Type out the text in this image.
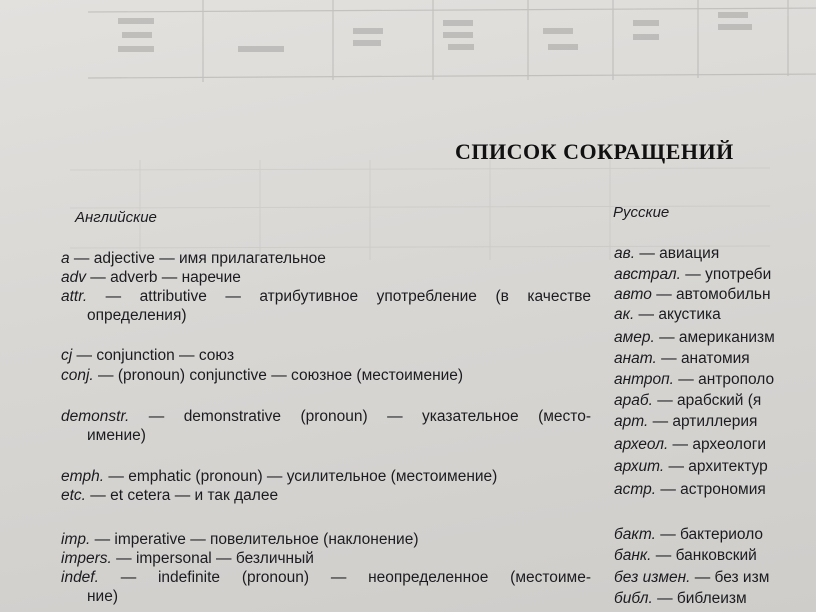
СПИСОК СОКРАЩЕНИЙ
Английские	Русские
a — adjective — имя прилагательное
adv — adverb — наречие
attr. — attributive — атрибутивное употребление (в качестве
определения)
cj — conjunction — союз
conj. — (pronoun) conjunctive — союзное (местоимение)
demonstr. — demonstrative (pronoun) — указательное (место-
имение)
emph. — emphatic (pronoun) — усилительное (местоимение)
etc. — et cetera — и так далее
imp. — imperative — повелительное (наклонение)
impers. — impersonal — безличный
indef. — indefinite (pronoun) — неопределенное (местоиме-
ние)
ав. — авиация
австрал. — употреби
авто — автомобильн
ак. — акустика
амер. — американизм
анат. — анатомия
антроп. — антрополо
араб. — арабский (я
арт. — артиллерия
археол. — археологи
архит. — архитектур
астр. — астрономия
бакт. — бактериоло
банк. — банковский
без измен. — без изм
библ. — библеизм
